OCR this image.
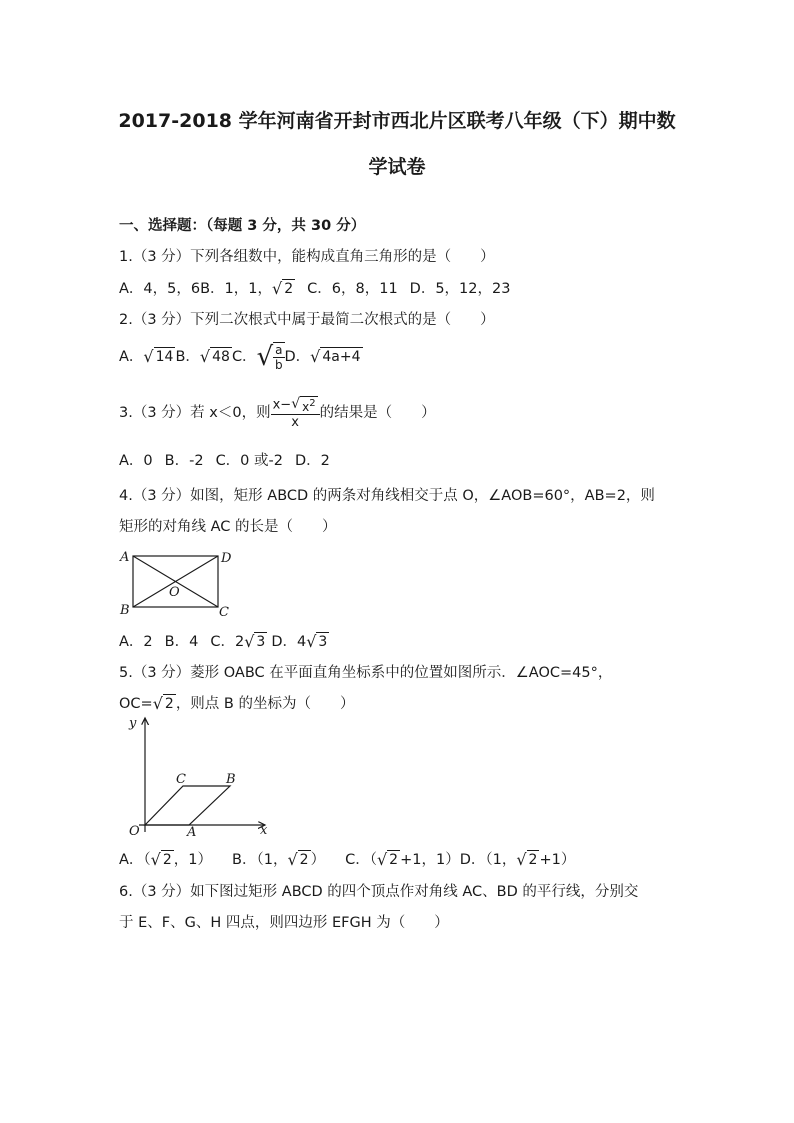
2017-2018 学年河南省开封市西北片区联考八年级（下）期中数
学试卷

一、选择题：（每题 3 分，共 30 分）

1.（3 分）下列各组数中，能构成直角三角形的是（　　）

A．4，5，6B．1，1， √ 2 C．6，8，11 D．5，12，23

2.（3 分）下列二次根式中属于最简二次根式的是（　　）

A． √ 14 B． √ 48 C． √ $\frac{a}{b}$ D． √ 4a+4

3.（3 分）若 x＜0，则 $\frac{x- √ x^2}{x}$ 的结果是（　　）

A．0 B．-2 C．0 或-2 D．2

4.（3 分）如图，矩形 ABCD 的两条对角线相交于点 O，∠AOB=60°，AB=2，则

矩形的对角线 AC 的长是（　　）

A	D
B	C
O

A．2 B．4 C．2 √ 3 D．4 √ 3

5.（3 分）菱形 OABC 在平面直角坐标系中的位置如图所示．∠AOC=45°，

OC= √ 2 ，则点 B 的坐标为（　　）

y
x
O	A
B
C

A．（ √ 2 ，1） B．（1， √ 2 ） C．（ √ 2 +1，1）D．（1， √ 2 +1）

6.（3 分）如下图过矩形 ABCD 的四个顶点作对角线 AC、BD 的平行线，分别交

于 E、F、G、H 四点，则四边形 EFGH 为（　　）
